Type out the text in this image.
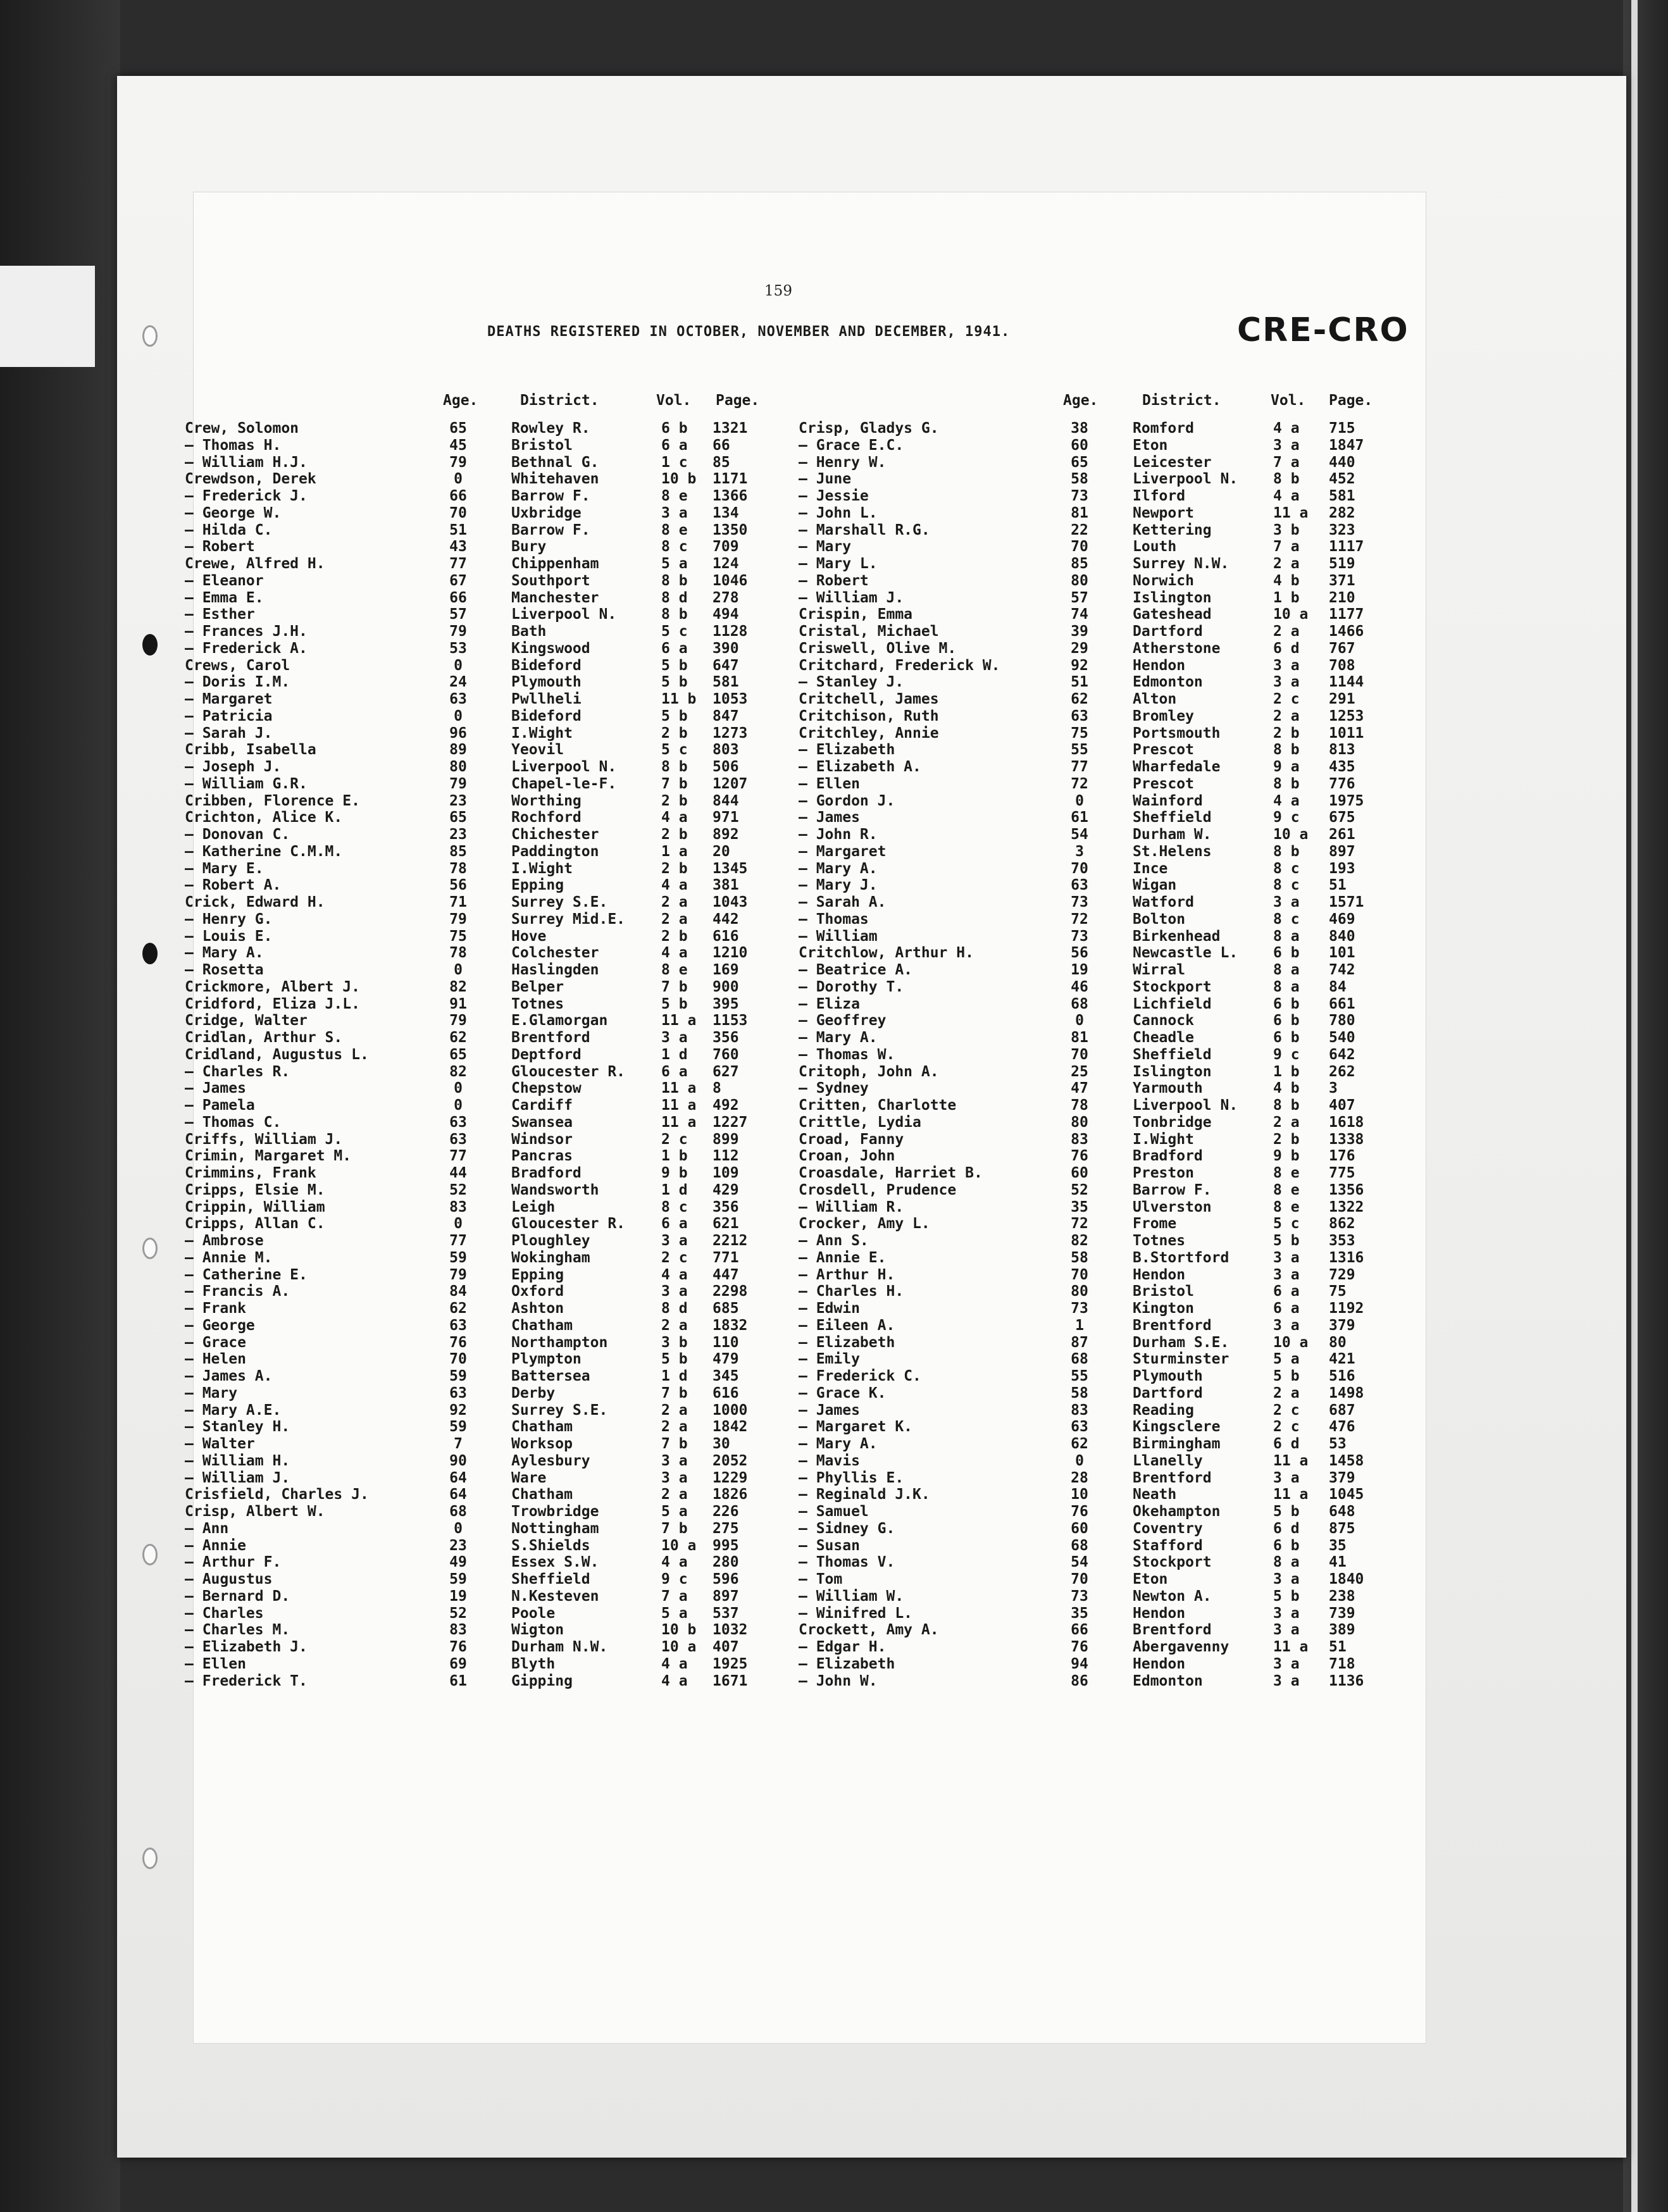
159
DEATHS REGISTERED IN OCTOBER, NOVEMBER AND DECEMBER, 1941.	CRE-CRO
Age.	District.	Vol. Page.	Age.	District.	Vol. Page.
Crew, Solomon	65	Rowley R.	6 b 1321
— Thomas H.	45	Bristol	6 a 66
— William H.J.	79	Bethnal G.	1 c 85
Crewdson, Derek	0	Whitehaven	10 b 1171
— Frederick J.	66	Barrow F.	8 e 1366
— George W.	70	Uxbridge	3 a 134
— Hilda C.	51	Barrow F.	8 e 1350
— Robert	43	Bury	8 c 709
Crewe, Alfred H.	77	Chippenham	5 a 124
— Eleanor	67	Southport	8 b 1046
— Emma E.	66	Manchester	8 d 278
— Esther	57	Liverpool N.	8 b 494
— Frances J.H.	79	Bath	5 c 1128
— Frederick A.	53	Kingswood	6 a 390
Crews, Carol	0	Bideford	5 b 647
— Doris I.M.	24	Plymouth	5 b 581
— Margaret	63	Pwllheli	11 b 1053
— Patricia	0	Bideford	5 b 847
— Sarah J.	96	I.Wight	2 b 1273
Cribb, Isabella	89	Yeovil	5 c 803
— Joseph J.	80	Liverpool N.	8 b 506
— William G.R.	79	Chapel-le-F.	7 b 1207
Cribben, Florence E.	23	Worthing	2 b 844
Crichton, Alice K.	65	Rochford	4 a 971
— Donovan C.	23	Chichester	2 b 892
— Katherine C.M.M.	85	Paddington	1 a 20
— Mary E.	78	I.Wight	2 b 1345
— Robert A.	56	Epping	4 a 381
Crick, Edward H.	71	Surrey S.E.	2 a 1043
— Henry G.	79	Surrey Mid.E. 2 a 442
— Louis E.	75	Hove	2 b 616
— Mary A.	78	Colchester	4 a 1210
— Rosetta	0	Haslingden	8 e 169
Crickmore, Albert J.	82	Belper	7 b 900
Cridford, Eliza J.L.	91	Totnes	5 b 395
Cridge, Walter	79	E.Glamorgan	11 a 1153
Cridlan, Arthur S.	62	Brentford	3 a 356
Cridland, Augustus L.	65	Deptford	1 d 760
— Charles R.	82	Gloucester R. 6 a 627
— James	0	Chepstow	11 a 8
— Pamela	0	Cardiff	11 a 492
— Thomas C.	63	Swansea	11 a 1227
Criffs, William J.	63	Windsor	2 c 899
Crimin, Margaret M.	77	Pancras	1 b 112
Crimmins, Frank	44	Bradford	9 b 109
Cripps, Elsie M.	52	Wandsworth	1 d 429
Crippin, William	83	Leigh	8 c 356
Cripps, Allan C.	0	Gloucester R. 6 a 621
— Ambrose	77	Ploughley	3 a 2212
— Annie M.	59	Wokingham	2 c 771
— Catherine E.	79	Epping	4 a 447
— Francis A.	84	Oxford	3 a 2298
— Frank	62	Ashton	8 d 685
— George	63	Chatham	2 a 1832
— Grace	76	Northampton	3 b 110
— Helen	70	Plympton	5 b 479
— James A.	59	Battersea	1 d 345
— Mary	63	Derby	7 b 616
— Mary A.E.	92	Surrey S.E.	2 a 1000
— Stanley H.	59	Chatham	2 a 1842
— Walter	7	Worksop	7 b 30
— William H.	90	Aylesbury	3 a 2052
— William J.	64	Ware	3 a 1229
Crisfield, Charles J.	64	Chatham	2 a 1826
Crisp, Albert W.	68	Trowbridge	5 a 226
— Ann	0	Nottingham	7 b 275
— Annie	23	S.Shields	10 a 995
— Arthur F.	49	Essex S.W.	4 a 280
— Augustus	59	Sheffield	9 c 596
— Bernard D.	19	N.Kesteven	7 a 897
— Charles	52	Poole	5 a 537
— Charles M.	83	Wigton	10 b 1032
— Elizabeth J.	76	Durham N.W.	10 a 407
— Ellen	69	Blyth	4 a 1925
— Frederick T.	61	Gipping	4 a 1671
Crisp, Gladys G.	38	Romford	4 a 715
— Grace E.C.	60	Eton	3 a 1847
— Henry W.	65	Leicester	7 a 440
— June	58	Liverpool N. 8 b 452
— Jessie	73	Ilford	4 a 581
— John L.	81	Newport	11 a 282
— Marshall R.G.	22	Kettering	3 b 323
— Mary	70	Louth	7 a 1117
— Mary L.	85	Surrey N.W.	2 a 519
— Robert	80	Norwich	4 b 371
— William J.	57	Islington	1 b 210
Crispin, Emma	74	Gateshead	10 a 1177
Cristal, Michael	39	Dartford	2 a 1466
Criswell, Olive M.	29	Atherstone	6 d 767
Critchard, Frederick W.	92	Hendon	3 a 708
— Stanley J.	51	Edmonton	3 a 1144
Critchell, James	62	Alton	2 c 291
Critchison, Ruth	63	Bromley	2 a 1253
Critchley, Annie	75	Portsmouth	2 b 1011
— Elizabeth	55	Prescot	8 b 813
— Elizabeth A.	77	Wharfedale	9 a 435
— Ellen	72	Prescot	8 b 776
— Gordon J.	0	Wainford	4 a 1975
— James	61	Sheffield	9 c 675
— John R.	54	Durham W.	10 a 261
— Margaret	3	St.Helens	8 b 897
— Mary A.	70	Ince	8 c 193
— Mary J.	63	Wigan	8 c 51
— Sarah A.	73	Watford	3 a 1571
— Thomas	72	Bolton	8 c 469
— William	73	Birkenhead	8 a 840
Critchlow, Arthur H.	56	Newcastle L. 6 b 101
— Beatrice A.	19	Wirral	8 a 742
— Dorothy T.	46	Stockport	8 a 84
— Eliza	68	Lichfield	6 b 661
— Geoffrey	0	Cannock	6 b 780
— Mary A.	81	Cheadle	6 b 540
— Thomas W.	70	Sheffield	9 c 642
Critoph, John A.	25	Islington	1 b 262
— Sydney	47	Yarmouth	4 b 3
Critten, Charlotte	78	Liverpool N. 8 b 407
Crittle, Lydia	80	Tonbridge	2 a 1618
Croad, Fanny	83	I.Wight	2 b 1338
Croan, John	76	Bradford	9 b 176
Croasdale, Harriet B.	60	Preston	8 e 775
Crosdell, Prudence	52	Barrow F.	8 e 1356
— William R.	35	Ulverston	8 e 1322
Crocker, Amy L.	72	Frome	5 c 862
— Ann S.	82	Totnes	5 b 353
— Annie E.	58	B.Stortford	3 a 1316
— Arthur H.	70	Hendon	3 a 729
— Charles H.	80	Bristol	6 a 75
— Edwin	73	Kington	6 a 1192
— Eileen A.	1	Brentford	3 a 379
— Elizabeth	87	Durham S.E.	10 a 80
— Emily	68	Sturminster	5 a 421
— Frederick C.	55	Plymouth	5 b 516
— Grace K.	58	Dartford	2 a 1498
— James	83	Reading	2 c 687
— Margaret K.	63	Kingsclere	2 c 476
— Mary A.	62	Birmingham	6 d 53
— Mavis	0	Llanelly	11 a 1458
— Phyllis E.	28	Brentford	3 a 379
— Reginald J.K.	10	Neath	11 a 1045
— Samuel	76	Okehampton	5 b 648
— Sidney G.	60	Coventry	6 d 875
— Susan	68	Stafford	6 b 35
— Thomas V.	54	Stockport	8 a 41
— Tom	70	Eton	3 a 1840
— William W.	73	Newton A.	5 b 238
— Winifred L.	35	Hendon	3 a 739
Crockett, Amy A.	66	Brentford	3 a 389
— Edgar H.	76	Abergavenny	11 a 51
— Elizabeth	94	Hendon	3 a 718
— John W.	86	Edmonton	3 a 1136
